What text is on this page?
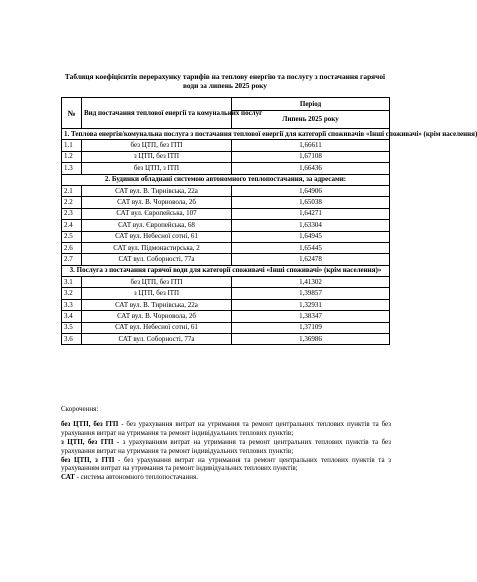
Таблиця коефіцієнтів перерахунку тарифів на теплову енергію та послугу з постачання гарячої води за липень 2025 року
№	Вид постачання теплової енергії та комунальних послуг	Період
		Липень 2025 року
1. Теплова енергія/комунальна послуга з постачання теплової енергії для категорії споживачів «Інші споживачі» (крім населення)		
1.1	без ЦТП, без ІТП	1,66611
1.2	з ЦТП, без ІТП	1,67108
1.3	без ЦТП, з ІТП	1,66436
2. Будинки обладнані системою автономного теплопостачання, за адресами:		
2.1	САТ вул. В. Тирнівська, 22а	1,64906
2.2	САТ вул. В. Чорновола, 2б	1,65038
2.3	САТ вул. Європейська, 107	1,64271
2.4	САТ вул. Європейська, 68	1,63304
2.5	САТ вул. Небесної сотні, 61	1,64945
2.6	САТ вул. Підмонастирська, 2	1,65445
2.7	САТ вул. Соборності, 77а	1,62478
3. Послуга з постачання гарячої води для категорії споживачі «Інші споживачі» (крім населення)»		
3.1	без ЦТП, без ІТП	1,41302
3.2	з ЦТП, без ІТП	1,39857
3.3	САТ вул. В. Тирнівська, 22а	1,32931
3.4	САТ вул. В. Чорновола, 2б	1,38347
3.5	САТ вул. Небесної сотні, 61	1,37109
3.6	САТ вул. Соборності, 77а	1,36986

Скорочення:

без ЦТП, без ІТП - без урахування витрат на утримання та ремонт центральних теплових пунктів та без урахування витрат на утримання та ремонт індивідуальних теплових пунктів;

з ЦТП, без ІТП - з урахуванням витрат на утримання та ремонт центральних теплових пунктів та без урахування витрат на утримання та ремонт індивідуальних теплових пунктів;

без ЦТП, з ІТП - без урахування витрат на утримання та ремонт центральних теплових пунктів та з урахуванням витрат на утримання та ремонт індивідуальних теплових пунктів;

САТ - система автономного теплопостачання.
